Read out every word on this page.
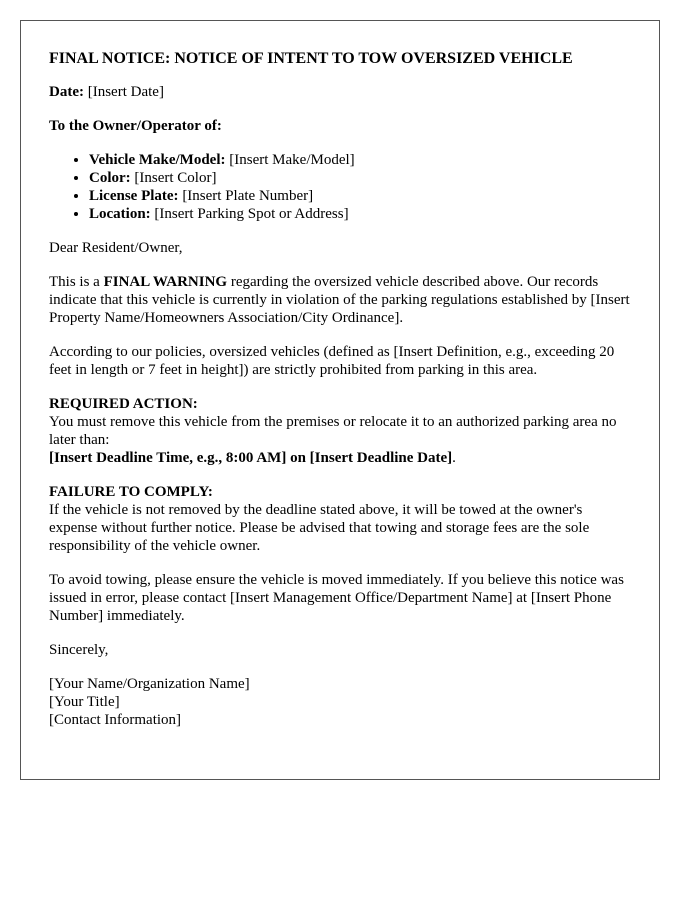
FINAL NOTICE: NOTICE OF INTENT TO TOW OVERSIZED VEHICLE

Date: [Insert Date]

To the Owner/Operator of:

• Vehicle Make/Model: [Insert Make/Model]
• Color: [Insert Color]
• License Plate: [Insert Plate Number]
• Location: [Insert Parking Spot or Address]

Dear Resident/Owner,

This is a FINAL WARNING regarding the oversized vehicle described above. Our records indicate that this vehicle is currently in violation of the parking regulations established by [Insert Property Name/Homeowners Association/City Ordinance].

According to our policies, oversized vehicles (defined as [Insert Definition, e.g., exceeding 20 feet in length or 7 feet in height]) are strictly prohibited from parking in this area.

REQUIRED ACTION:
You must remove this vehicle from the premises or relocate it to an authorized parking area no later than:
[Insert Deadline Time, e.g., 8:00 AM] on [Insert Deadline Date].

FAILURE TO COMPLY:
If the vehicle is not removed by the deadline stated above, it will be towed at the owner's expense without further notice. Please be advised that towing and storage fees are the sole responsibility of the vehicle owner.

To avoid towing, please ensure the vehicle is moved immediately. If you believe this notice was issued in error, please contact [Insert Management Office/Department Name] at [Insert Phone Number] immediately.

Sincerely,

[Your Name/Organization Name]

[Your Title]

[Contact Information]
